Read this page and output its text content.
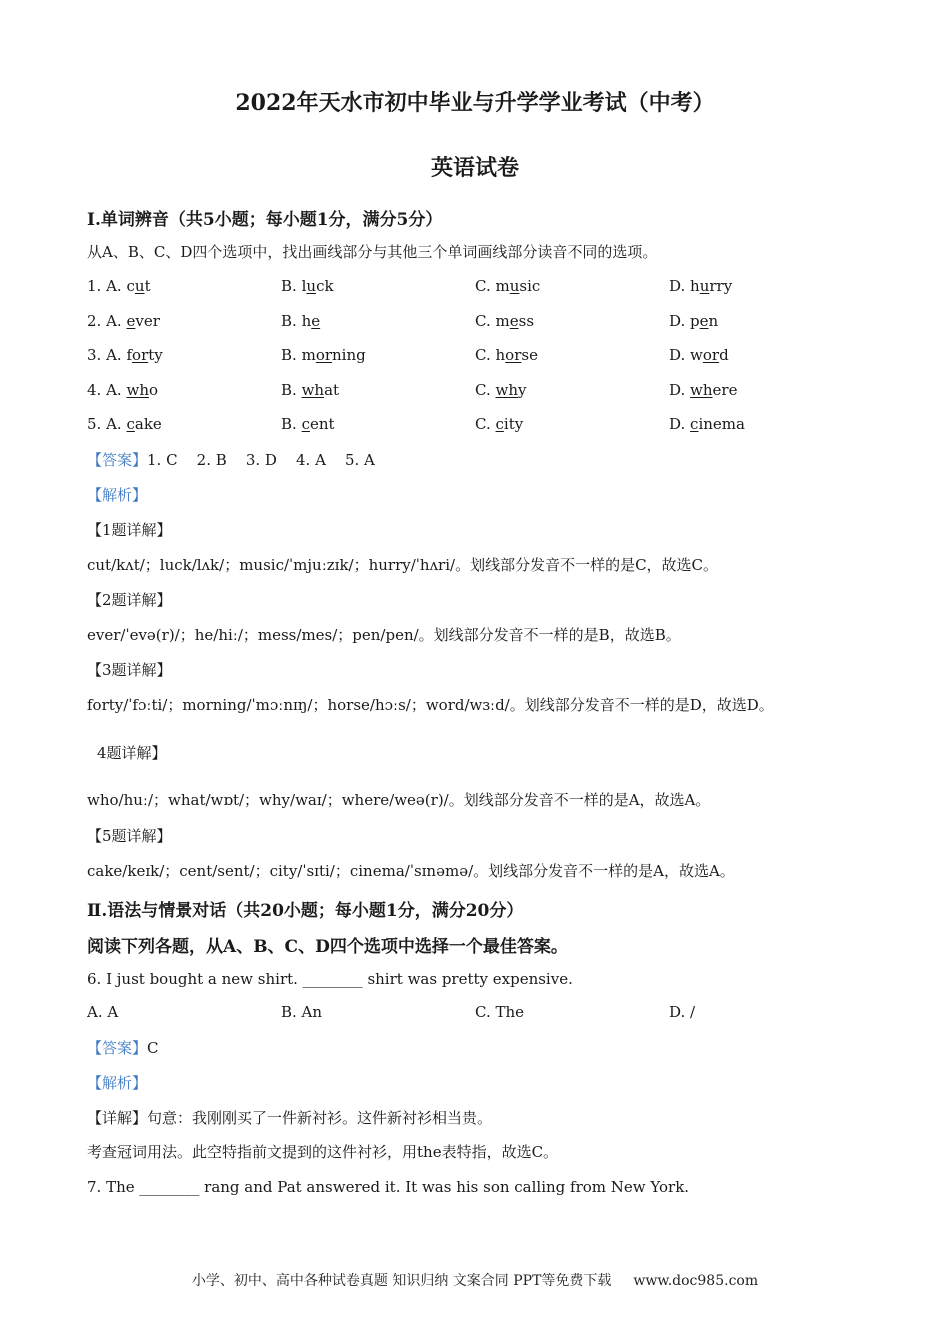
2022年天水市初中毕业与升学学业考试（中考）
英语试卷
Ⅰ.单词辨音（共5小题；每小题1分，满分5分）
从A、B、C、D四个选项中，找出画线部分与其他三个单词画线部分读音不同的选项。
1. A. cut	B. luck	C. music	D. hurry
2. A. ever	B. he	C. mess	D. pen
3. A. forty	B. morning	C. horse	D. word
4. A. who	B. what	C. why	D. where
5. A. cake	B. cent	C. city	D. cinema
【答案】1. C    2. B    3. D    4. A    5. A
【解析】
【1题详解】
cut/kʌt/；luck/lʌk/；music/ˈmjuːzɪk/；hurry/ˈhʌri/。划线部分发音不一样的是C，故选C。
【2题详解】
ever/ˈevə(r)/；he/hiː/；mess/mes/；pen/pen/。划线部分发音不一样的是B，故选B。
【3题详解】
forty/ˈfɔːti/；morning/ˈmɔːnɪŋ/；horse/hɔːs/；word/wɜːd/。划线部分发音不一样的是D，故选D。
4题详解】
who/huː/；what/wɒt/；why/waɪ/；where/weə(r)/。划线部分发音不一样的是A，故选A。
【5题详解】
cake/keɪk/；cent/sent/；city/ˈsɪti/；cinema/ˈsɪnəmə/。划线部分发音不一样的是A，故选A。
Ⅱ.语法与情景对话（共20小题；每小题1分，满分20分）
阅读下列各题，从A、B、C、D四个选项中选择一个最佳答案。
6. I just bought a new shirt. ________ shirt was pretty expensive.
A. A	B. An	C. The	D. /
【答案】C
【解析】
【详解】句意：我刚刚买了一件新衬衫。这件新衬衫相当贵。
考查冠词用法。此空特指前文提到的这件衬衫，用the表特指，故选C。
7. The ________ rang and Pat answered it. It was his son calling from New York.
小学、初中、高中各种试卷真题 知识归纳 文案合同 PPT等免费下载 www.doc985.com
